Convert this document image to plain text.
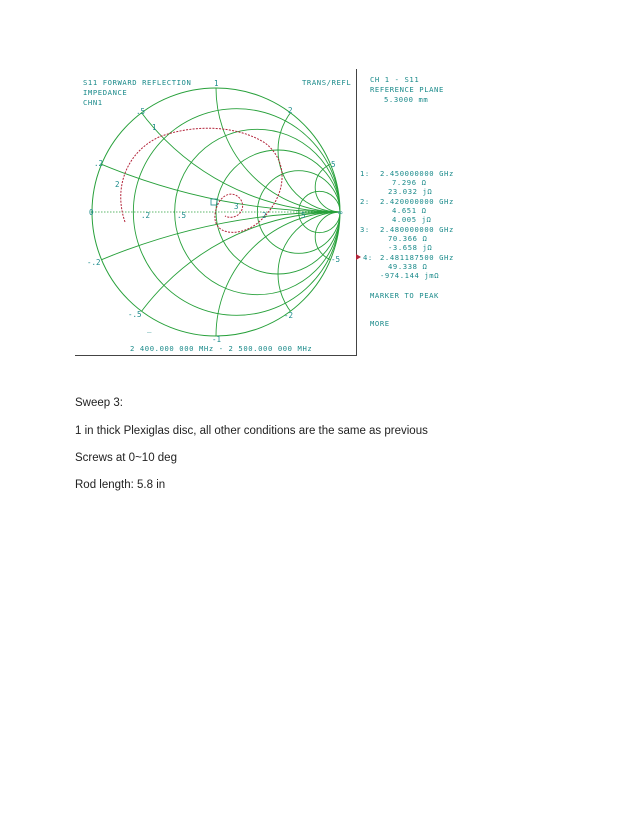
S11 FORWARD REFLECTION
IMPEDANCE
CHN1
TRANS/REFL	CH 1 - S11
REFERENCE PLANE
5.3000 mm
1: 2.450000000 GHz
7.296 Ω
23.032 jΩ
2: 2.420000000 GHz
4.651 Ω
4.005 jΩ
3: 2.480000000 GHz
70.366 Ω
-3.658 jΩ
4: 2.481187500 GHz
49.338 Ω
-974.144 jmΩ
MARKER TO PEAK
MORE
2 400.000 000 MHz - 2 500.000 000 MHz
1
.5	2
.2
0
-.2
5
-5
∞
-.5	-2
-1
.2	.5	2	5
1
2
3
_
Sweep 3:
1 in thick Plexiglas disc, all other conditions are the same as previous
Screws at 0~10 deg
Rod length: 5.8 in
